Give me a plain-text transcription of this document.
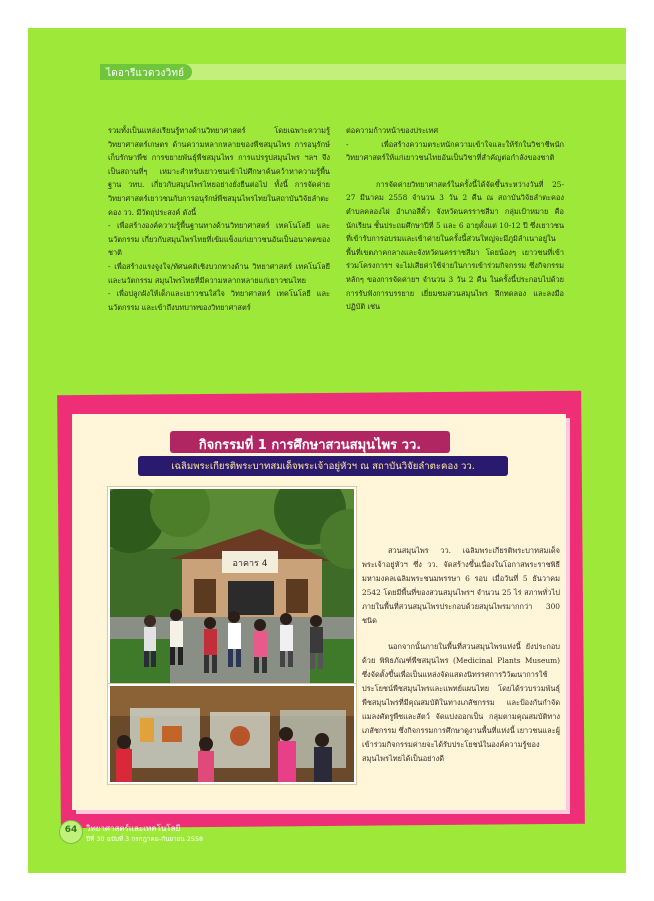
ไดอารีแวดวงวิทย์

รวมทั้งเป็นแหล่งเรียนรู้ทางด้านวิทยาศาสตร์ โดยเฉพาะความรู้วิทยาศาสตร์เกษตร ด้านความหลากหลายของพืชสมุนไพร การอนุรักษ์ เก็บรักษาพืช การขยายพันธุ์พืชสมุนไพร การแปรรูปสมุนไพร ฯลฯ จึงเป็นสถานที่ๆ เหมาะสำหรับเยาวชนเข้าไปศึกษาค้นคว้าหาความรู้พื้นฐาน วทบ. เกี่ยวกับสมุนไพรไทยอย่างยั่งยืนต่อไป ทั้งนี้ การจัดค่าย วิทยาศาสตร์เยาวชนกับการอนุรักษ์พืชสมุนไพรไทยในสถาบันวิจัยลำตะคอง วว. มีวัตถุประสงค์ ดังนี้

- เพื่อสร้างองค์ความรู้พื้นฐานทางด้านวิทยาศาสตร์ เทคโนโลยี และนวัตกรรม เกี่ยวกับสมุนไพรไทยที่เข้มแข็งแก่เยาวชนอันเป็นอนาคตของชาติ

- เพื่อสร้างแรงจูงใจ/ทัศนคติเชิงบวกทางด้าน วิทยาศาสตร์ เทคโนโลยี และนวัตกรรม สมุนไพรไทยที่มีความหลากหลายแก่เยาวชนไทย

- เพื่อปลูกฝังให้เด็กและเยาวชนใส่ใจ วิทยาศาสตร์ เทคโนโลยี และนวัตกรรม และเข้าถึงบทบาทของวิทยาศาสตร์

ต่อความก้าวหน้าของประเทศ

- เพื่อสร้างความตระหนักความเข้าใจและให้รักในวิชาชีพนักวิทยาศาสตร์ให้แก่เยาวชนไทยอันเป็นวิชาที่สำคัญต่อกำลังของชาติ

การจัดค่ายวิทยาศาสตร์ในครั้งนี้ได้จัดขึ้นระหว่างวันที่ 25-27 มีนาคม 2558 จำนวน 3 วัน 2 คืน ณ สถาบันวิจัยลำตะคอง ตำบลคลองไผ่ อำเภอสีคิ้ว จังหวัดนครราชสีมา กลุ่มเป้าหมาย คือ นักเรียน ชั้นประถมศึกษาปีที่ 5 และ 6 อายุตั้งแต่ 10-12 ปี ซึ่งเยาวชนที่เข้ารับการอบรมและเข้าค่ายในครั้งนี้ส่วนใหญ่จะมีภูมิลำเนาอยู่ในพื้นที่เขตภาคกลางและจังหวัดนครราชสีมา โดยน้องๆ เยาวชนที่เข้าร่วมโครงการฯ จะไม่เสียค่าใช้จ่ายในการเข้าร่วมกิจกรรม ซึ่งกิจกรรมหลักๆ ของการจัดค่ายฯ จำนวน 3 วัน 2 คืน ในครั้งนี้ประกอบไปด้วย การรับฟังการบรรยาย เยี่ยมชมสวนสมุนไพร ฝึกทดลอง และลงมือปฏิบัติ เช่น

กิจกรรมที่ 1 การศึกษาสวนสมุนไพร วว.
เฉลิมพระเกียรติพระบาทสมเด็จพระเจ้าอยู่หัวฯ ณ สถาบันวิจัยลำตะคอง วว.
อาคาร 4

สวนสมุนไพร วว. เฉลิมพระเกียรติพระบาทสมเด็จพระเจ้าอยู่หัวฯ ซึ่ง วว. จัดสร้างขึ้นเนื่องในโอกาสพระราชพิธีมหามงคลเฉลิมพระชนมพรรษา 6 รอบ เมื่อวันที่ 5 ธันวาคม 2542 โดยมีพื้นที่ของสวนสมุนไพรฯ จำนวน 25 ไร่ สภาพทั่วไปภายในพื้นที่สวนสมุนไพรประกอบด้วยสมุนไพรมากกว่า 300 ชนิด

นอกจากนั้นภายในพื้นที่สวนสมุนไพรแห่งนี้ ยังประกอบด้วย พิพิธภัณฑ์พืชสมุนไพร (Medicinal Plants Museum) ซึ่งจัดตั้งขึ้นเพื่อเป็นแหล่งจัดแสดงนิทรรศการวิวัฒนาการใช้ประโยชน์พืชสมุนไพรและแพทย์แผนไทย โดยได้รวบรวมพันธุ์พืชสมุนไพรที่มีคุณสมบัติในทางเภสัชกรรม และป้องกันกำจัดแมลงศัตรูพืชและสัตว์ จัดแบ่งออกเป็น กลุ่มตามคุณสมบัติทางเภสัชกรรม ซึ่งกิจกรรมการศึกษาดูงานพื้นที่แห่งนี้ เยาวชนและผู้เข้าร่วมกิจกรรมค่ายจะได้รับประโยชน์ในองค์ความรู้ของสมุนไพรไทยได้เป็นอย่างดี

64	วิทยาศาสตร์และเทคโนโลยี
ปีที่ 30 ฉบับที่ 3 กรกฎาคม-กันยายน 2558
